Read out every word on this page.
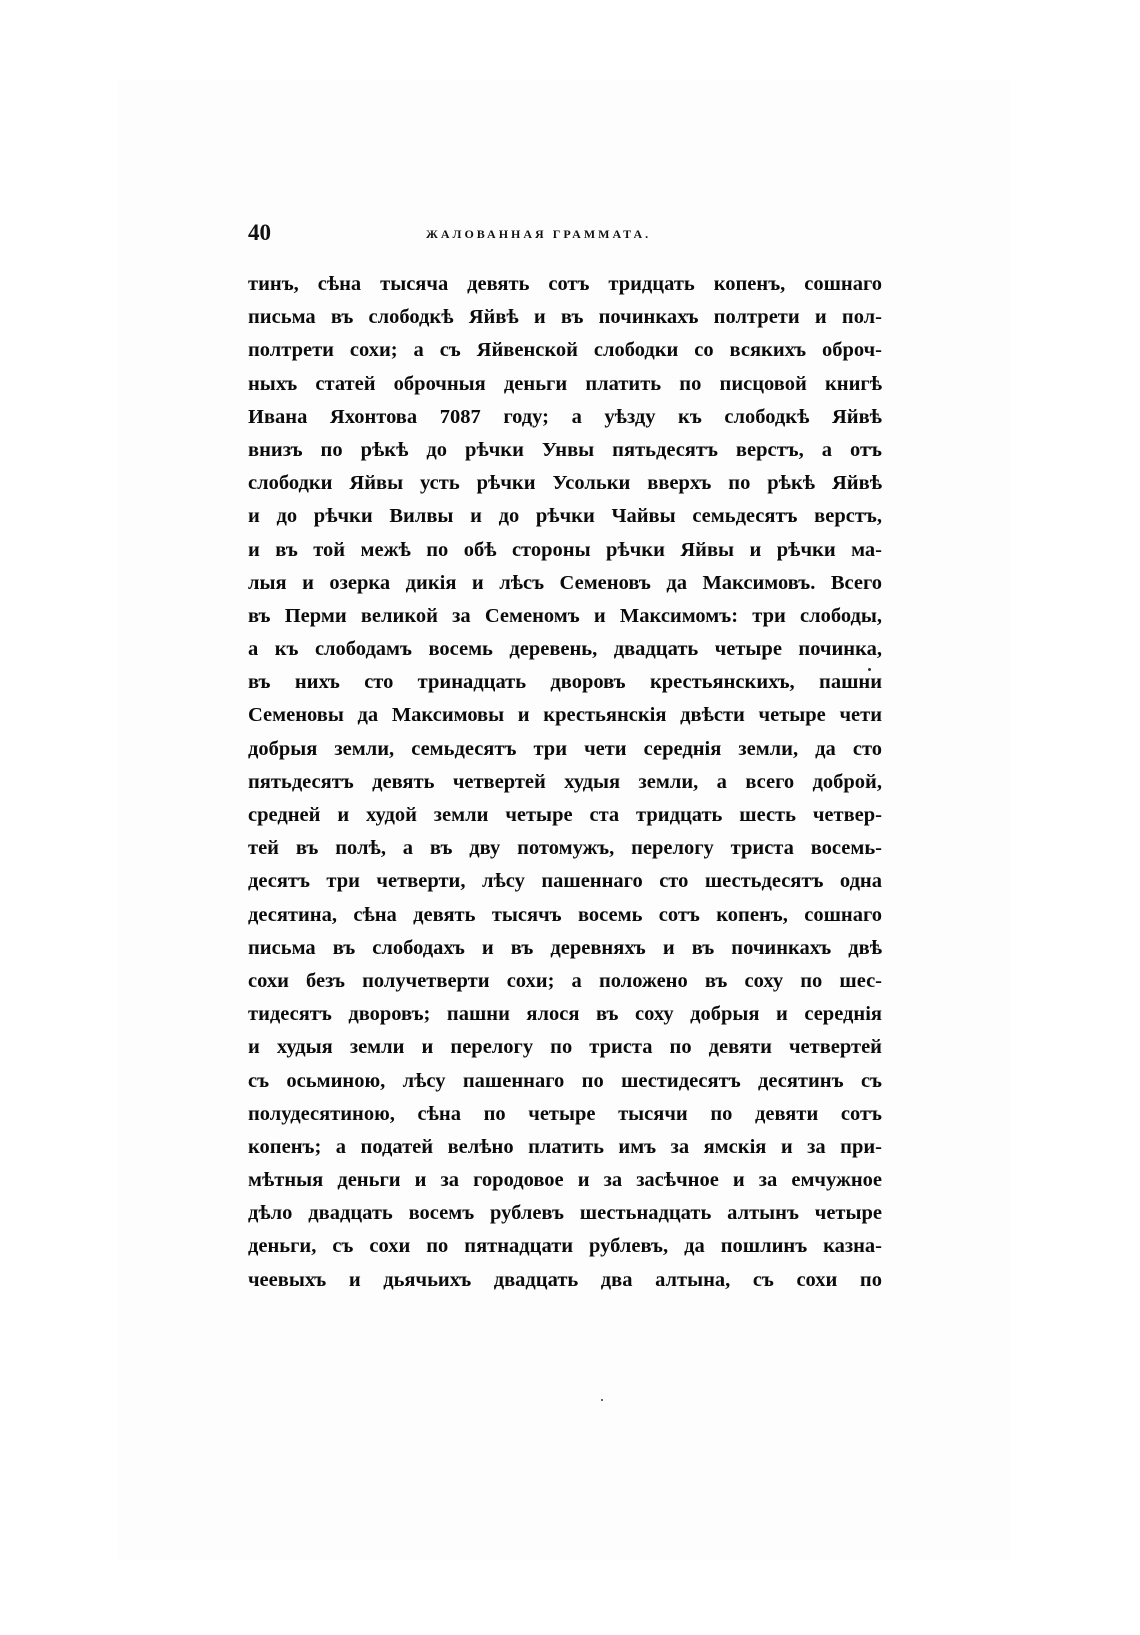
40	ЖАЛОВАННАЯ ГРАММАТА.
тинъ, сѣна тысяча девять сотъ тридцать копенъ, сошнаго
письма въ слободкѣ Яйвѣ и въ починкахъ полтрети и пол-
полтрети сохи; а съ Яйвенской слободки со всякихъ оброч-
ныхъ статей оброчныя деньги платить по писцовой книгѣ
Ивана Яхонтова 7087 году; а уѣзду къ слободкѣ Яйвѣ
внизъ по рѣкѣ до рѣчки Унвы пятьдесятъ верстъ, а отъ
слободки Яйвы усть рѣчки Усольки вверхъ по рѣкѣ Яйвѣ
и до рѣчки Вилвы и до рѣчки Чайвы семьдесятъ верстъ,
и въ той межѣ по обѣ стороны рѣчки Яйвы и рѣчки ма-
лыя и озерка дикія и лѣсъ Семеновъ да Максимовъ. Всего
въ Перми великой за Семеномъ и Максимомъ: три слободы,
а къ слободамъ восемь деревень, двадцать четыре починка,
въ нихъ сто тринадцать дворовъ крестьянскихъ, пашни
Семеновы да Максимовы и крестьянскія двѣсти четыре чети
добрыя земли, семьдесятъ три чети середнія земли, да сто
пятьдесятъ девять четвертей худыя земли, а всего доброй,
средней и худой земли четыре ста тридцать шесть четвер-
тей въ полѣ, а въ дву потомужъ, перелогу триста восемь-
десятъ три четверти, лѣсу пашеннаго сто шестьдесятъ одна
десятина, сѣна девять тысячъ восемь сотъ копенъ, сошнаго
письма въ слободахъ и въ деревняхъ и въ починкахъ двѣ
сохи безъ получетверти сохи; а положено въ соху по шес-
тидесятъ дворовъ; пашни ялося въ соху добрыя и середнія
и худыя земли и перелогу по триста по девяти четвертей
съ осьминою, лѣсу пашеннаго по шестидесятъ десятинъ съ
полудесятиною, сѣна по четыре тысячи по девяти сотъ
копенъ; а податей велѣно платить имъ за ямскія и за при-
мѣтныя деньги и за городовое и за засѣчное и за емчужное
дѣло двадцать восемъ рублевъ шестьнадцать алтынъ четыре
деньги, съ сохи по пятнадцати рублевъ, да пошлинъ казна-
чеевыхъ и дьячьихъ двадцать два алтына, съ сохи по
